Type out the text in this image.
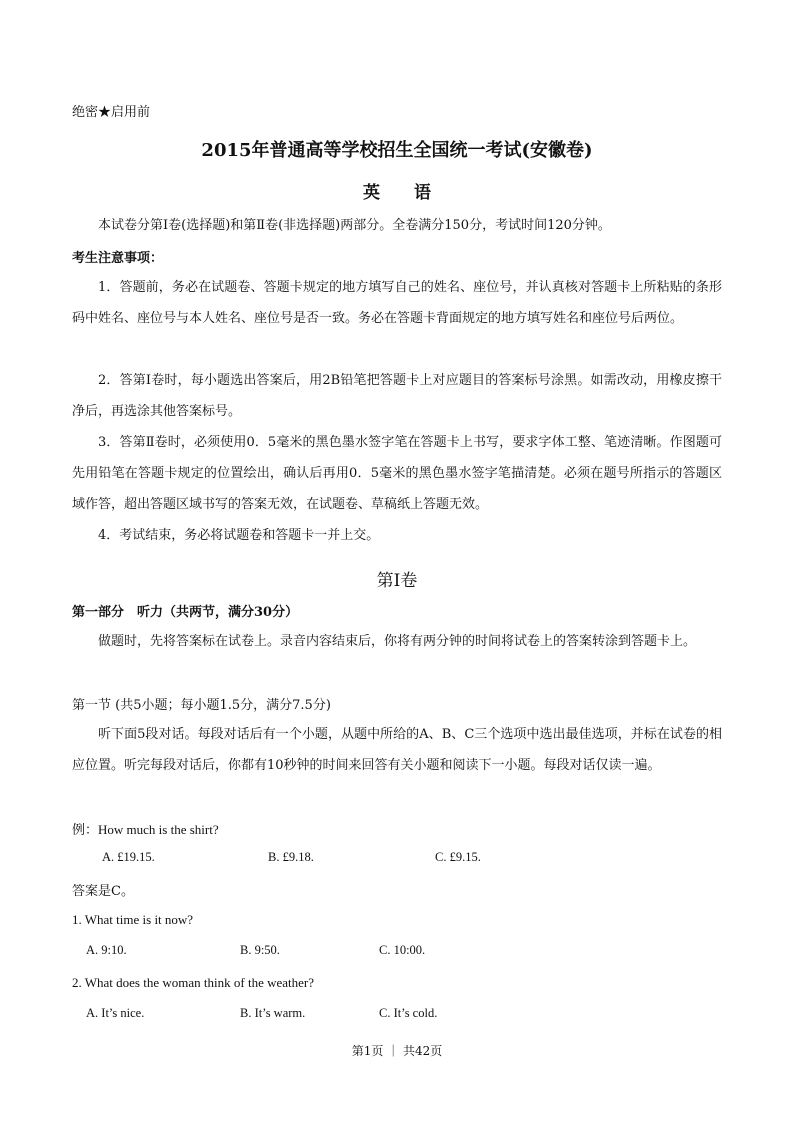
绝密★启用前
2015年普通高等学校招生全国统一考试(安徽卷)
英　　语
本试卷分第Ⅰ卷(选择题)和第Ⅱ卷(非选择题)两部分。全卷满分150分，考试时间120分钟。
考生注意事项：
1．答题前，务必在试题卷、答题卡规定的地方填写自己的姓名、座位号，并认真核对答题卡上所粘贴的条形码中姓名、座位号与本人姓名、座位号是否一致。务必在答题卡背面规定的地方填写姓名和座位号后两位。
2．答第Ⅰ卷时，每小题选出答案后，用2B铅笔把答题卡上对应题目的答案标号涂黑。如需改动，用橡皮擦干净后，再选涂其他答案标号。
3．答第Ⅱ卷时，必须使用0．5毫米的黑色墨水签字笔在答题卡上书写，要求字体工整、笔迹清晰。作图题可先用铅笔在答题卡规定的位置绘出，确认后再用0．5毫米的黑色墨水签字笔描清楚。必须在题号所指示的答题区域作答，超出答题区域书写的答案无效，在试题卷、草稿纸上答题无效。
4．考试结束，务必将试题卷和答题卡一并上交。
第Ⅰ卷
第一部分　听力（共两节，满分30分）
做题时，先将答案标在试卷上。录音内容结束后，你将有两分钟的时间将试卷上的答案转涂到答题卡上。
第一节 (共5小题；每小题1.5分，满分7.5分)
听下面5段对话。每段对话后有一个小题，从题中所给的A、B、C三个选项中选出最佳选项，并标在试卷的相应位置。听完每段对话后，你都有10秒钟的时间来回答有关小题和阅读下一小题。每段对话仅读一遍。
例：How much is the shirt?
A. £19.15.	B. £9.18.	C. £9.15.
答案是C。
1. What time is it now?
A. 9:10.	B. 9:50.	C. 10:00.
2. What does the woman think of the weather?
A. It’s nice.	B. It’s warm.	C. It’s cold.
第1页 ｜ 共42页
